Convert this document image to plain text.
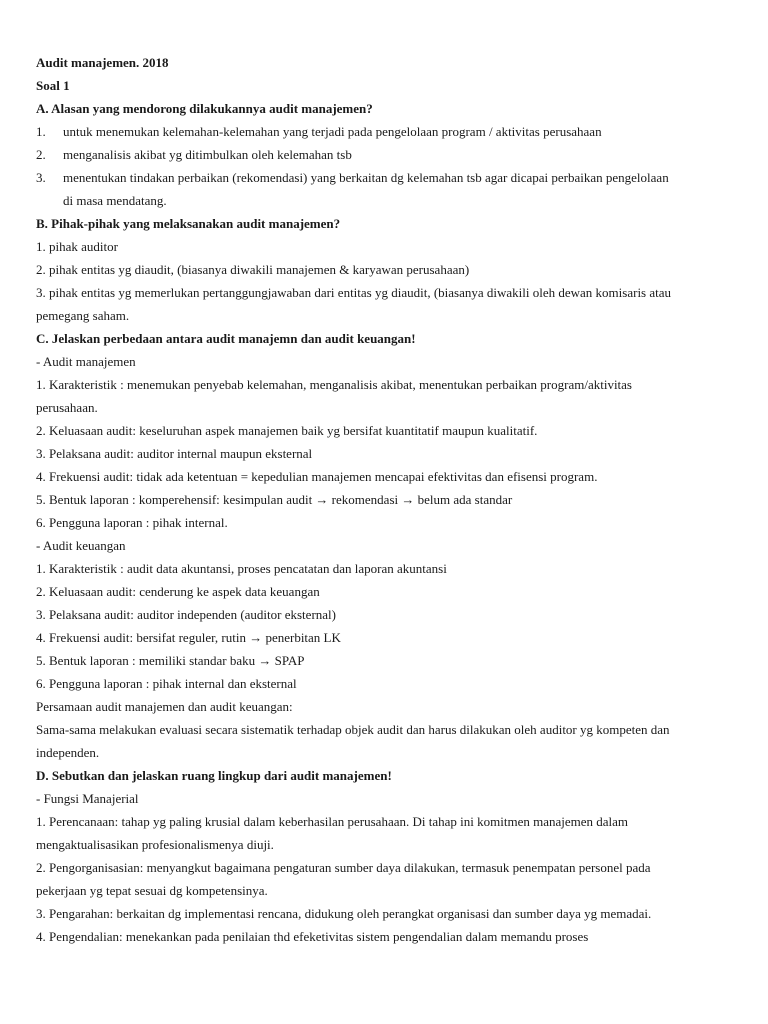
Audit manajemen. 2018
Soal 1
A. Alasan yang mendorong dilakukannya audit manajemen?
1. untuk menemukan kelemahan-kelemahan yang terjadi pada pengelolaan program / aktivitas perusahaan
2. menganalisis akibat yg ditimbulkan oleh kelemahan tsb
3. menentukan tindakan perbaikan (rekomendasi) yang berkaitan dg kelemahan tsb agar dicapai perbaikan pengelolaan
di masa mendatang.
B. Pihak-pihak yang melaksanakan audit manajemen?
1. pihak auditor
2. pihak entitas yg diaudit, (biasanya diwakili manajemen & karyawan perusahaan)
3. pihak entitas yg memerlukan pertanggungjawaban dari entitas yg diaudit, (biasanya diwakili oleh dewan komisaris atau
pemegang saham.
C. Jelaskan perbedaan antara audit manajemn dan audit keuangan!
- Audit manajemen
1. Karakteristik : menemukan penyebab kelemahan, menganalisis akibat, menentukan perbaikan program/aktivitas
perusahaan.
2. Keluasaan audit: keseluruhan aspek manajemen baik yg bersifat kuantitatif maupun kualitatif.
3. Pelaksana audit: auditor internal maupun eksternal
4. Frekuensi audit: tidak ada ketentuan = kepedulian manajemen mencapai efektivitas dan efisensi program.
5. Bentuk laporan : komperehensif: kesimpulan audit → rekomendasi → belum ada standar
6. Pengguna laporan : pihak internal.
- Audit keuangan
1. Karakteristik : audit data akuntansi, proses pencatatan dan laporan akuntansi
2. Keluasaan audit: cenderung ke aspek data keuangan
3. Pelaksana audit: auditor independen (auditor eksternal)
4. Frekuensi audit: bersifat reguler, rutin → penerbitan LK
5. Bentuk laporan : memiliki standar baku → SPAP
6. Pengguna laporan : pihak internal dan eksternal
Persamaan audit manajemen dan audit keuangan:
Sama-sama melakukan evaluasi secara sistematik terhadap objek audit dan harus dilakukan oleh auditor yg kompeten dan
independen.
D. Sebutkan dan jelaskan ruang lingkup dari audit manajemen!
- Fungsi Manajerial
1. Perencanaan: tahap yg paling krusial dalam keberhasilan perusahaan. Di tahap ini komitmen manajemen dalam
mengaktualisasikan profesionalismenya diuji.
2. Pengorganisasian: menyangkut bagaimana pengaturan sumber daya dilakukan, termasuk penempatan personel pada
pekerjaan yg tepat sesuai dg kompetensinya.
3. Pengarahan: berkaitan dg implementasi rencana, didukung oleh perangkat organisasi dan sumber daya yg memadai.
4. Pengendalian: menekankan pada penilaian thd efeketivitas sistem pengendalian dalam memandu proses
